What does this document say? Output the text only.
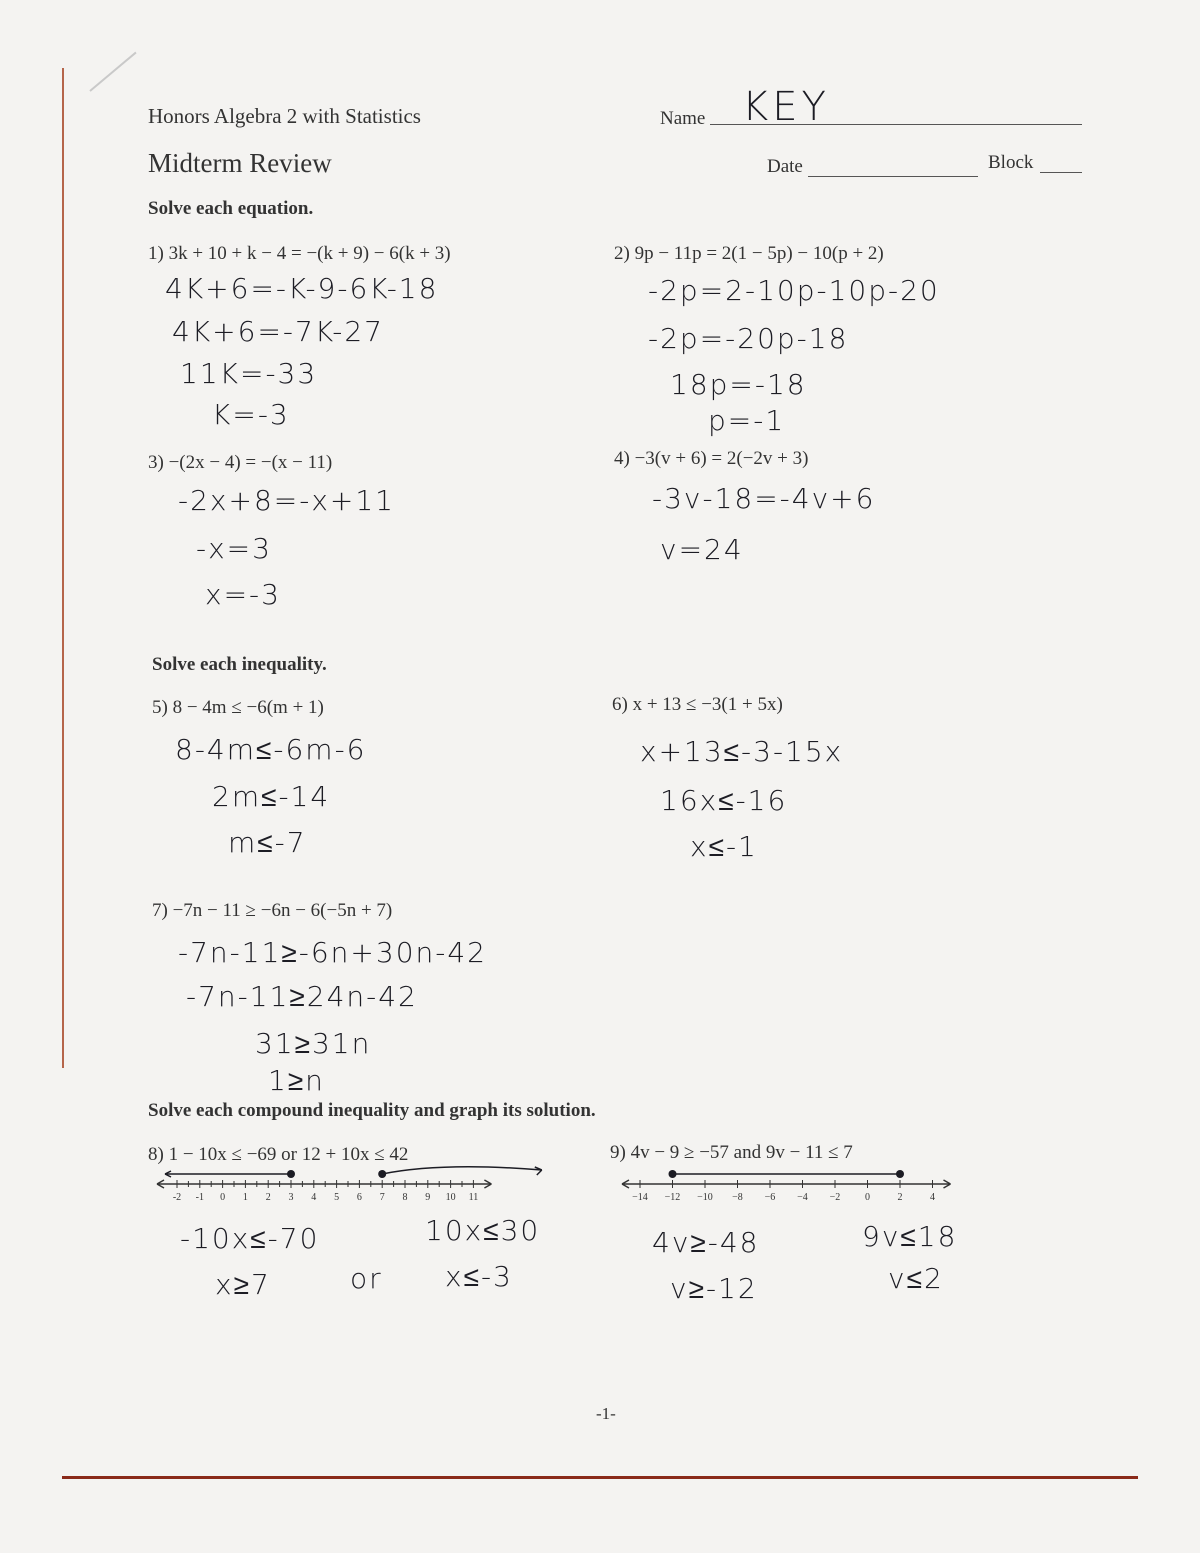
Honors Algebra 2 with Statistics
Midterm Review
Name KEY
Date	Block
Solve each equation.
1) 3k + 10 + k − 4 = −(k + 9) − 6(k + 3)
4K+6=-K-9-6K-18
4K+6=-7K-27
11K=-33
K=-3
2) 9p − 11p = 2(1 − 5p) − 10(p + 2)
-2p=2-10p-10p-20
-2p=-20p-18
18p=-18
p=-1
3) −(2x − 4) = −(x − 11)
-2x+8=-x+11
-x=3
x=-3
4) −3(v + 6) = 2(−2v + 3)
-3v-18=-4v+6
v=24
Solve each inequality.
5) 8 − 4m ≤ −6(m + 1)
8-4m≤-6m-6
2m≤-14
m≤-7
6) x + 13 ≤ −3(1 + 5x)
x+13≤-3-15x
16x≤-16
x≤-1
7) −7n − 11 ≥ −6n − 6(−5n + 7)
-7n-11≥-6n+30n-42
-7n-11≥24n-42
31≥31n
1≥n
Solve each compound inequality and graph its solution.
8) 1 − 10x ≤ −69 or 12 + 10x ≤ 42
-2 -1 0 1 2 3 4 5 6 7 8 9 10 11
-10x≤-70
x≥7	or
10x≤30
x≤-3
9) 4v − 9 ≥ −57 and 9v − 11 ≤ 7
−14 −12 −10 −8 −6 −4 −2 0	2	4
4v≥-48
v≥-12
9v≤18
v≤2
-1-
